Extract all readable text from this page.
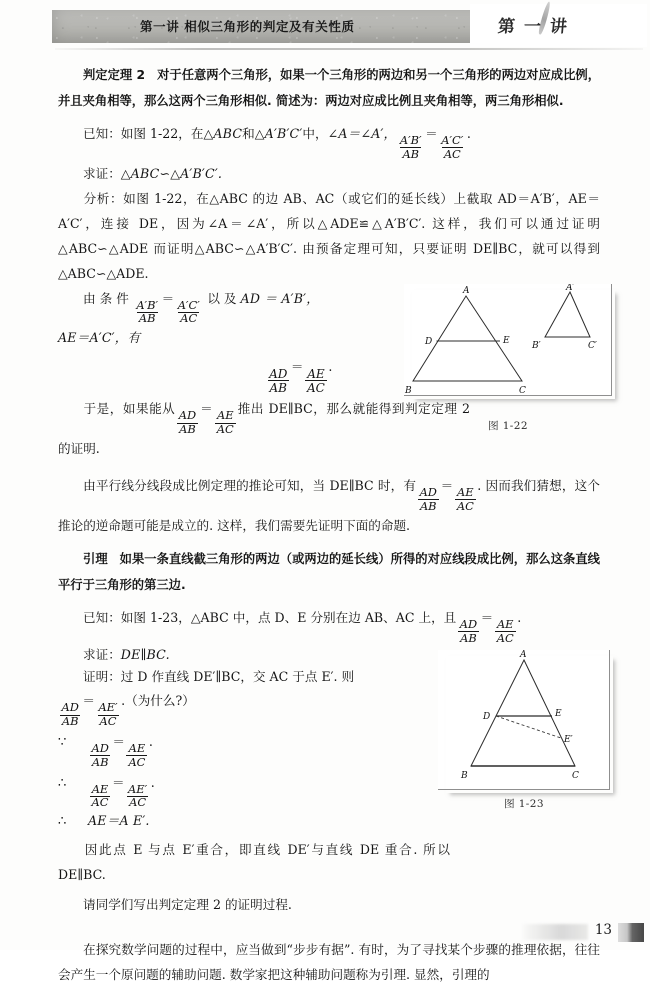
第一讲 相似三角形的判定及有关性质	第一讲
A
B	C
D	E
A′
B′	C′
图 1-22
A
B	C
D	E
E′
图 1-23
判定定理 2 对于任意两个三角形，如果一个三角形的两边和另一个三角形的两边对应成比例，并且夹角相等，那么这两个三角形相似. 简述为：两边对应成比例且夹角相等，两三角形相似.
已知：如图 1-22，在△ABC和△A′B′C′中，∠A＝∠A′，
$\frac{A'B'}{AB}$
＝
$\frac{A'C'}{AC}$
.
求证：△ABC∽△A′B′C′.
分析：如图 1-22，在△ABC 的边 AB、AC（或它们的延长线）上截取 AD＝A′B′，AE＝A′C′，连接 DE，因为∠A＝∠A′，所以△ADE≌△A′B′C′. 这样，我们可以通过证明△ABC∽△ADE 而证明△ABC∽△A′B′C′. 由预备定理可知，只要证明 DE∥BC，就可以得到△ABC∽△ADE.
由 条 件
$\frac{A'B'}{AB}$
＝
$\frac{A'C'}{AC}$
以 及 AD ＝ A′B′，
AE＝A′C′，有
$\frac{AD}{AB}$
＝
$\frac{AE}{AC}$
.
于是，如果能从
$\frac{AD}{AB}$
＝
$\frac{AE}{AC}$
推出 DE∥BC，那么就能得到判定定理 2 的证明.
由平行线分线段成比例定理的推论可知，当 DE∥BC 时，有
$\frac{AD}{AB}$
＝
$\frac{AE}{AC}$
. 因而我们猜想，这个推论的逆命题可能是成立的. 这样，我们需要先证明下面的命题.
引理 如果一条直线截三角形的两边（或两边的延长线）所得的对应线段成比例，那么这条直线平行于三角形的第三边.
已知：如图 1-23，△ABC 中，点 D、E 分别在边 AB、AC 上，且
$\frac{AD}{AB}$
＝
$\frac{AE}{AC}$
.
求证：DE∥BC.
证明：过 D 作直线 DE′∥BC，交 AC 于点 E′. 则
$\frac{AD}{AB}$
＝
$\frac{AE'}{AC}$
.（为什么?）
∵
$\frac{AD}{AB}$
＝
$\frac{AE}{AC}$
.
∴
$\frac{AE}{AC}$
＝
$\frac{AE'}{AC}$
.
∴ AE＝A E′.
因此点 E 与点 E′重合，即直线 DE′与直线 DE 重合. 所以 DE∥BC.
请同学们写出判定定理 2 的证明过程.
在探究数学问题的过程中，应当做到“步步有据”. 有时，为了寻找某个步骤的推理依据，往往会产生一个原问题的辅助问题. 数学家把这种辅助问题称为引理. 显然，引理的
13
